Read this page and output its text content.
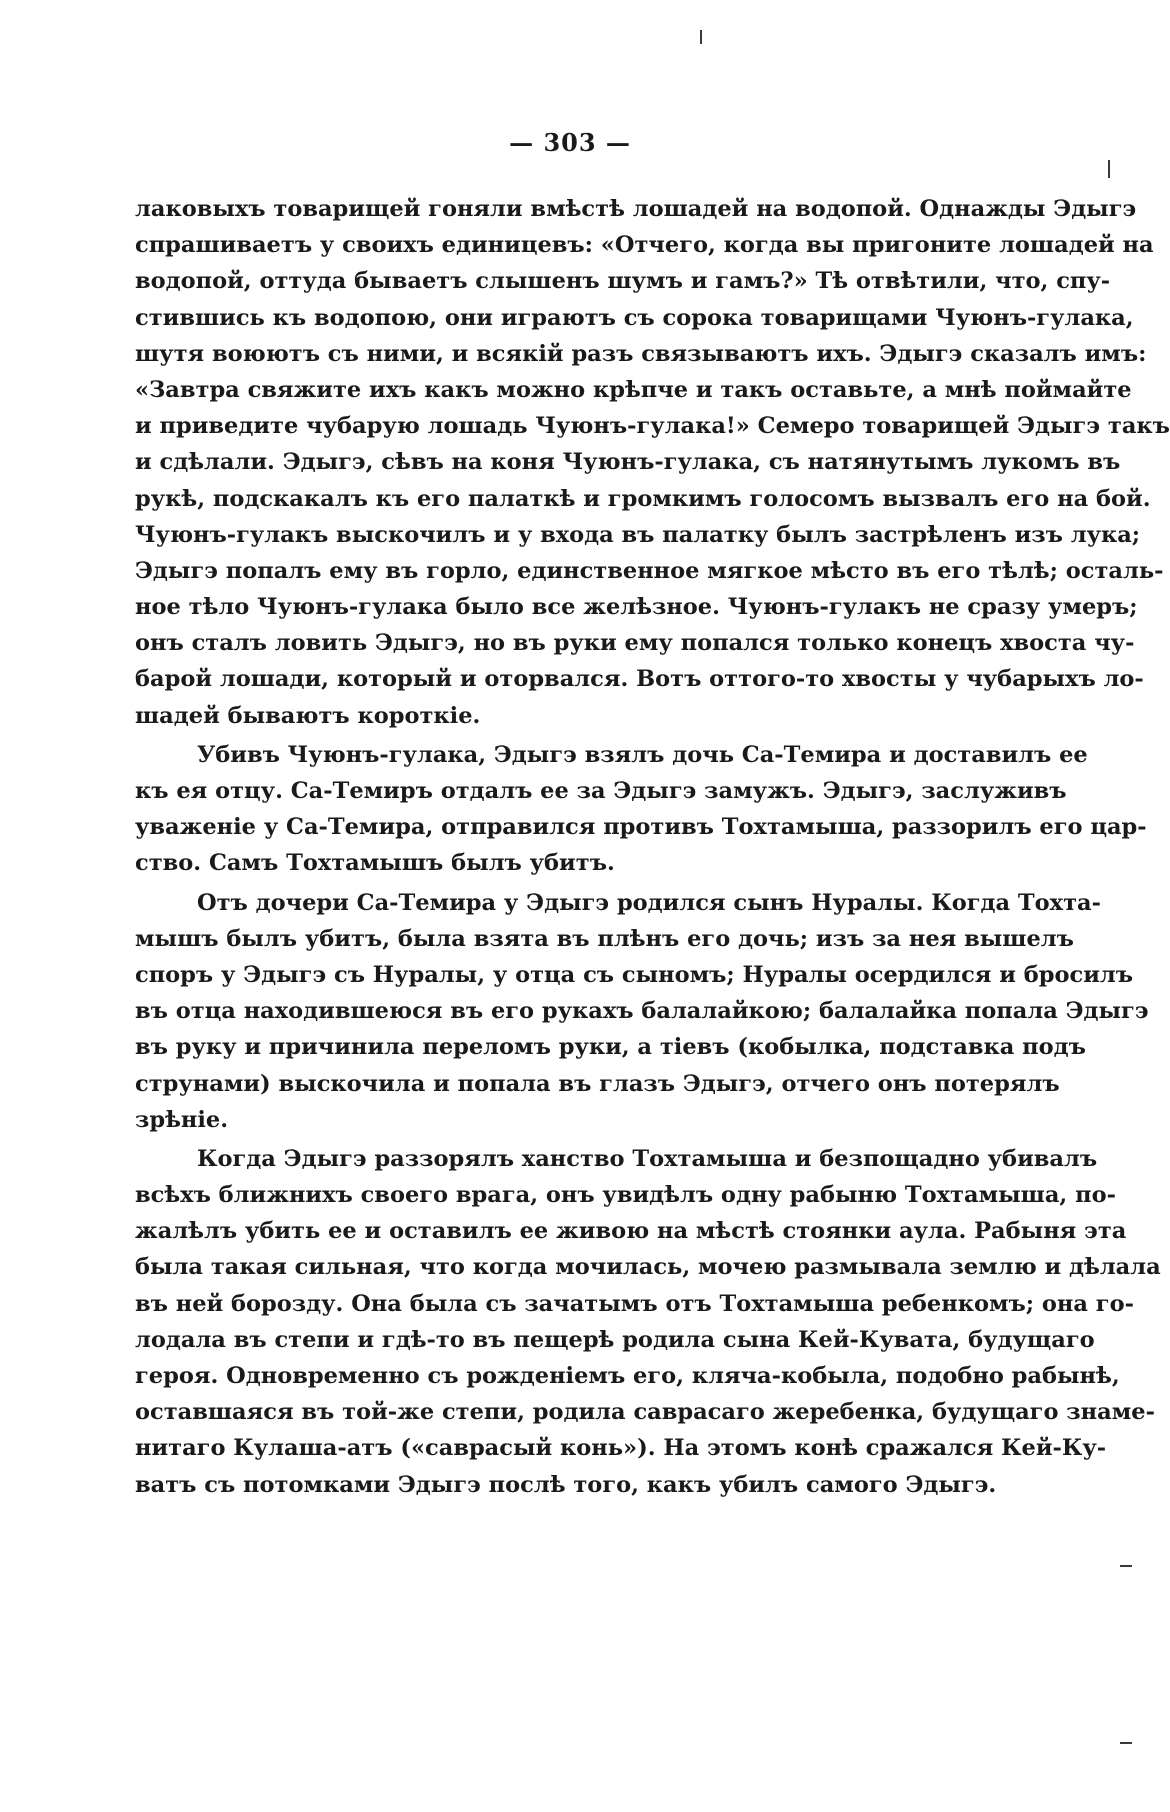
— 303 —
лаковыхъ товарищей гоняли вмѣстѣ лошадей на водопой. Однажды Эдыгэ
спрашиваетъ у своихъ единицевъ: «Отчего, когда вы пригоните лошадей на
водопой, оттуда бываетъ слышенъ шумъ и гамъ?» Тѣ отвѣтили, что, спу-
стившись къ водопою, они играютъ съ сорока товарищами Чуюнъ-гулака,
шутя воюютъ съ ними, и всякій разъ связываютъ ихъ. Эдыгэ сказалъ имъ:
«Завтра свяжите ихъ какъ можно крѣпче и такъ оставьте, а мнѣ поймайте
и приведите чубарую лошадь Чуюнъ-гулака!» Семеро товарищей Эдыгэ такъ
и сдѣлали. Эдыгэ, сѣвъ на коня Чуюнъ-гулака, съ натянутымъ лукомъ въ
рукѣ, подскакалъ къ его палаткѣ и громкимъ голосомъ вызвалъ его на бой.
Чуюнъ-гулакъ выскочилъ и у входа въ палатку былъ застрѣленъ изъ лука;
Эдыгэ попалъ ему въ горло, единственное мягкое мѣсто въ его тѣлѣ; осталь-
ное тѣло Чуюнъ-гулака было все желѣзное. Чуюнъ-гулакъ не сразу умеръ;
онъ сталъ ловить Эдыгэ, но въ руки ему попался только конецъ хвоста чу-
барой лошади, который и оторвался. Вотъ оттого-то хвосты у чубарыхъ ло-
шадей бываютъ короткіе.
Убивъ Чуюнъ-гулака, Эдыгэ взялъ дочь Са-Темира и доставилъ ее
къ ея отцу. Са-Темиръ отдалъ ее за Эдыгэ замужъ. Эдыгэ, заслуживъ
уваженіе у Са-Темира, отправился противъ Тохтамыша, раззорилъ его цар-
ство. Самъ Тохтамышъ былъ убитъ.
Отъ дочери Са-Темира у Эдыгэ родился сынъ Нуралы. Когда Тохта-
мышъ былъ убитъ, была взята въ плѣнъ его дочь; изъ за нея вышелъ
споръ у Эдыгэ съ Нуралы, у отца съ сыномъ; Нуралы осердился и бросилъ
въ отца находившеюся въ его рукахъ балалайкою; балалайка попала Эдыгэ
въ руку и причинила переломъ руки, а тіевъ (кобылка, подставка подъ
струнами) выскочила и попала въ глазъ Эдыгэ, отчего онъ потерялъ
зрѣніе.
Когда Эдыгэ раззорялъ ханство Тохтамыша и безпощадно убивалъ
всѣхъ ближнихъ своего врага, онъ увидѣлъ одну рабыню Тохтамыша, по-
жалѣлъ убить ее и оставилъ ее живою на мѣстѣ стоянки аула. Рабыня эта
была такая сильная, что когда мочилась, мочею размывала землю и дѣлала
въ ней борозду. Она была съ зачатымъ отъ Тохтамыша ребенкомъ; она го-
лодала въ степи и гдѣ-то въ пещерѣ родила сына Кей-Кувата, будущаго
героя. Одновременно съ рожденіемъ его, кляча-кобыла, подобно рабынѣ,
оставшаяся въ той-же степи, родила саврасаго жеребенка, будущаго знаме-
нитаго Кулаша-атъ («саврасый конь»). На этомъ конѣ сражался Кей-Ку-
ватъ съ потомками Эдыгэ послѣ того, какъ убилъ самого Эдыгэ.
